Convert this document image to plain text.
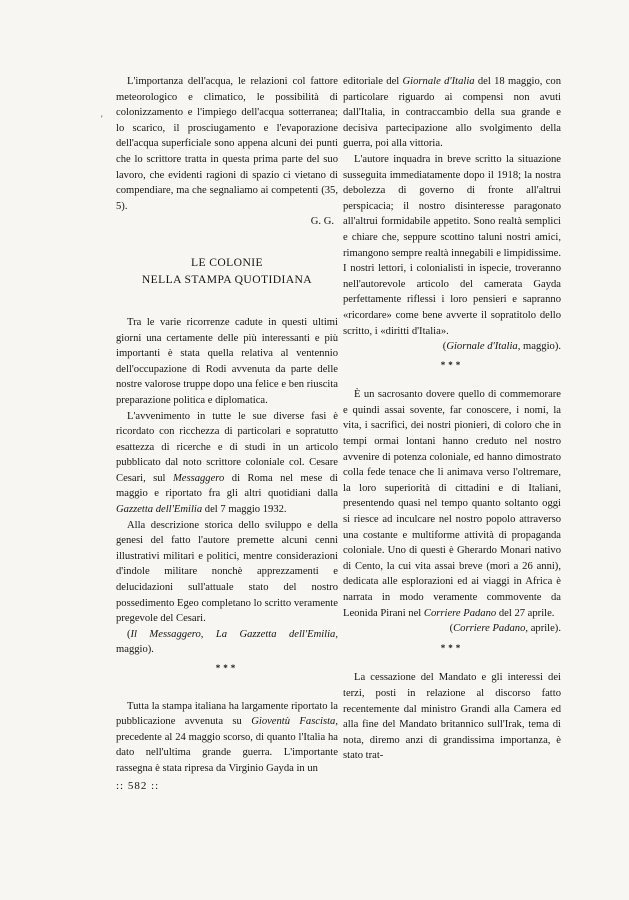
'

L'importanza dell'acqua, le relazioni col fattore meteorologico e climatico, le possibilità di colonizzamento e l'impiego dell'acqua sotterranea; lo scarico, il prosciugamento e l'evaporazione dell'acqua superficiale sono appena alcuni dei punti che lo scrittore tratta in questa prima parte del suo lavoro, che evidenti ragioni di spazio ci vietano di compendiare, ma che segnaliamo ai competenti (35, 5).

G. G.

LE COLONIE
NELLA STAMPA QUOTIDIANA

Tra le varie ricorrenze cadute in questi ultimi giorni una certamente delle più interessanti e più importanti è stata quella relativa al ventennio dell'occupazione di Rodi avvenuta da parte delle nostre valorose truppe dopo una felice e ben riuscita preparazione politica e diplomatica.

L'avvenimento in tutte le sue diverse fasi è ricordato con ricchezza di particolari e sopratutto esattezza di ricerche e di studi in un articolo pubblicato dal noto scrittore coloniale col. Cesare Cesari, sul Messaggero di Roma nel mese di maggio e riportato fra gli altri quotidiani dalla Gazzetta dell'Emilia del 7 maggio 1932.

Alla descrizione storica dello sviluppo e della genesi del fatto l'autore premette alcuni cenni illustrativi militari e politici, mentre considerazioni d'indole militare nonchè apprezzamenti e delucidazioni sull'attuale stato del nostro possedimento Egeo completano lo scritto veramente pregevole del Cesari.

(Il Messaggero, La Gazzetta dell'Emilia, maggio).

***

Tutta la stampa italiana ha largamente riportato la pubblicazione avvenuta su Gioventù Fascista, precedente al 24 maggio scorso, di quanto l'Italia ha dato nell'ultima grande guerra. L'importante rassegna è stata ripresa da Virginio Gayda in un

editoriale del Giornale d'Italia del 18 maggio, con particolare riguardo ai compensi non avuti dall'Italia, in contraccambio della sua grande e decisiva partecipazione allo svolgimento della guerra, poi alla vittoria.

L'autore inquadra in breve scritto la situazione susseguita immediatamente dopo il 1918; la nostra debolezza di governo di fronte all'altrui perspicacia; il nostro disinteresse paragonato all'altrui formidabile appetito. Sono realtà semplici e chiare che, seppure scottino taluni nostri amici, rimangono sempre realtà innegabili e limpidissime. I nostri lettori, i colonialisti in ispecie, troveranno nell'autorevole articolo del camerata Gayda perfettamente riflessi i loro pensieri e sapranno «ricordare» come bene avverte il sopratitolo dello scritto, i «diritti d'Italia».

(Giornale d'Italia, maggio).

***

È un sacrosanto dovere quello di commemorare e quindi assai sovente, far conoscere, i nomi, la vita, i sacrifici, dei nostri pionieri, di coloro che in tempi ormai lontani hanno creduto nel nostro avvenire di potenza coloniale, ed hanno dimostrato colla fede tenace che li animava verso l'oltremare, la loro superiorità di cittadini e di Italiani, presentendo quasi nel tempo quanto soltanto oggi si riesce ad inculcare nel nostro popolo attraverso una costante e multiforme attività di propaganda coloniale. Uno di questi è Gherardo Monari nativo di Cento, la cui vita assai breve (morì a 26 anni), dedicata alle esplorazioni ed ai viaggi in Africa è narrata in modo veramente commovente da Leonida Pirani nel Corriere Padano del 27 aprile.

(Corriere Padano, aprile).

***

La cessazione del Mandato e gli interessi dei terzi, posti in relazione al discorso fatto recentemente dal ministro Grandi alla Camera ed alla fine del Mandato britannico sull'Irak, tema di nota, diremo anzi di grandissima importanza, è stato trat-

:: 582 ::
